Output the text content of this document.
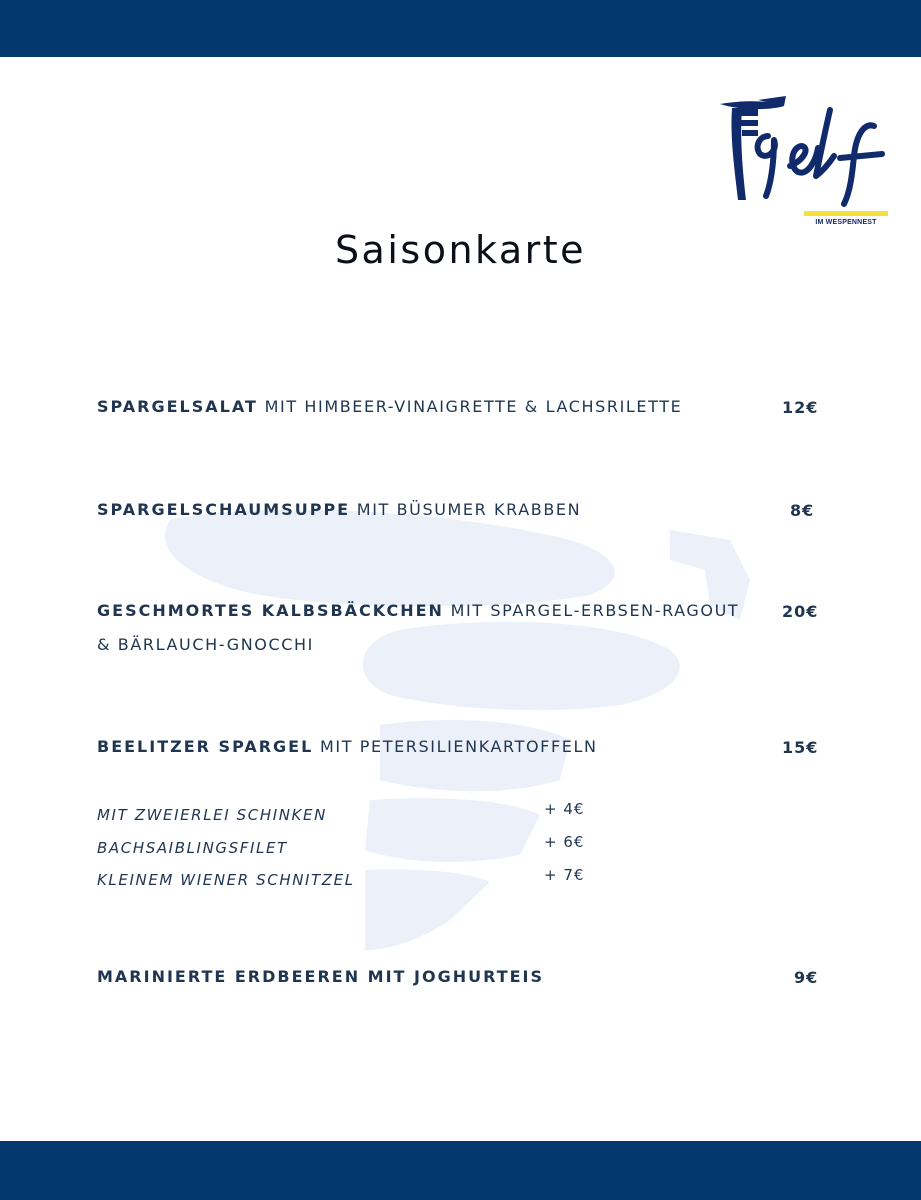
IM WESPENNEST
Saisonkarte
SPARGELSALAT MIT HIMBEER-VINAIGRETTE & LACHSRILETTE	12€
SPARGELSCHAUMSUPPE MIT BÜSUMER KRABBEN	8€
GESCHMORTES KALBSBÄCKCHEN MIT SPARGEL-ERBSEN-RAGOUT
& BÄRLAUCH-GNOCCHI
20€
BEELITZER SPARGEL MIT PETERSILIENKARTOFFELN	15€
MIT ZWEIERLEI SCHINKEN	+ 4€
BACHSAIBLINGSFILET	+ 6€
KLEINEM WIENER SCHNITZEL	+ 7€
MARINIERTE ERDBEEREN MIT JOGHURTEIS	9€
